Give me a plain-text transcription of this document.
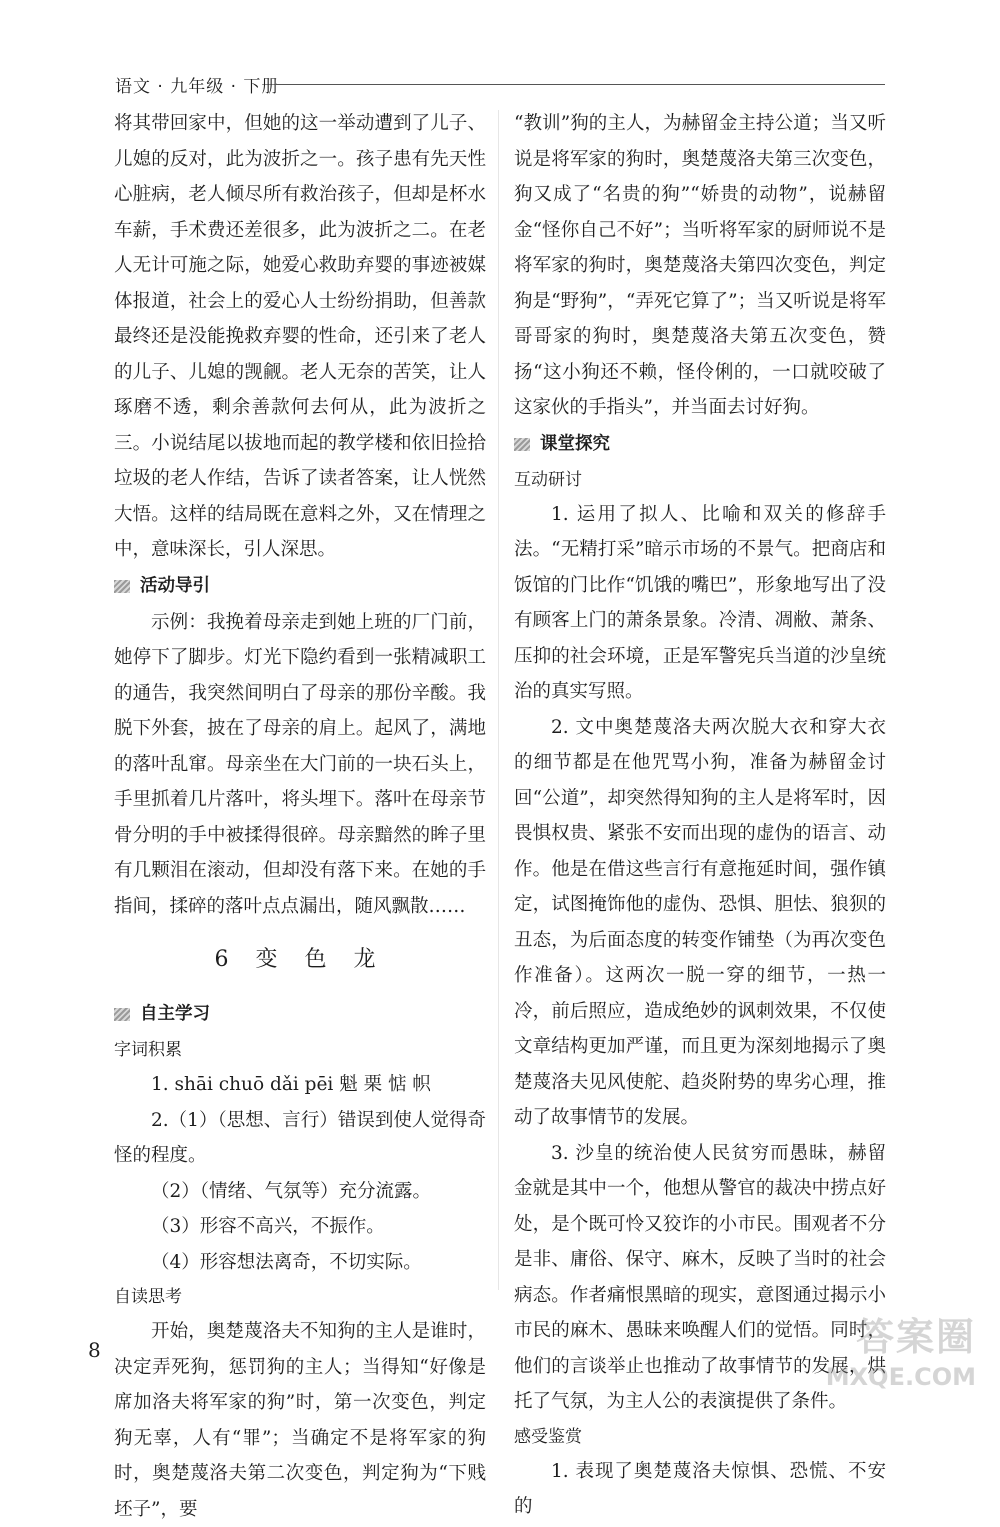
语文 · 九年级 · 下册

将其带回家中，但她的这一举动遭到了儿子、儿媳的反对，此为波折之一。孩子患有先天性心脏病，老人倾尽所有救治孩子，但却是杯水车薪，手术费还差很多，此为波折之二。在老人无计可施之际，她爱心救助弃婴的事迹被媒体报道，社会上的爱心人士纷纷捐助，但善款最终还是没能挽救弃婴的性命，还引来了老人的儿子、儿媳的觊觎。老人无奈的苦笑，让人琢磨不透，剩余善款何去何从，此为波折之三。小说结尾以拔地而起的教学楼和依旧捡拾垃圾的老人作结，告诉了读者答案，让人恍然大悟。这样的结局既在意料之外，又在情理之中，意味深长，引人深思。

活动导引

示例：我挽着母亲走到她上班的厂门前，她停下了脚步。灯光下隐约看到一张精减职工的通告，我突然间明白了母亲的那份辛酸。我脱下外套，披在了母亲的肩上。起风了，满地的落叶乱窜。母亲坐在大门前的一块石头上，手里抓着几片落叶，将头埋下。落叶在母亲节骨分明的手中被揉得很碎。母亲黯然的眸子里有几颗泪在滚动，但却没有落下来。在她的手指间，揉碎的落叶点点漏出，随风飘散……

6 变 色 龙
自主学习
字词积累

1. shāi chuō dǎi pēi 魁 栗 惦 帜

2.（1）（思想、言行）错误到使人觉得奇怪的程度。

（2）（情绪、气氛等）充分流露。

（3）形容不高兴，不振作。

（4）形容想法离奇，不切实际。

自读思考

开始，奥楚蔑洛夫不知狗的主人是谁时，决定弄死狗，惩罚狗的主人；当得知“好像是席加洛夫将军家的狗”时，第一次变色，判定狗无辜，人有“罪”；当确定不是将军家的狗时，奥楚蔑洛夫第二次变色，判定狗为“下贱坯子”，要

“教训”狗的主人，为赫留金主持公道；当又听说是将军家的狗时，奥楚蔑洛夫第三次变色，狗又成了“名贵的狗”“娇贵的动物”，说赫留金“怪你自己不好”；当听将军家的厨师说不是将军家的狗时，奥楚蔑洛夫第四次变色，判定狗是“野狗”，“弄死它算了”；当又听说是将军哥哥家的狗时，奥楚蔑洛夫第五次变色，赞扬“这小狗还不赖，怪伶俐的，一口就咬破了这家伙的手指头”，并当面去讨好狗。

课堂探究
互动研讨

1. 运用了拟人、比喻和双关的修辞手法。“无精打采”暗示市场的不景气。把商店和饭馆的门比作“饥饿的嘴巴”，形象地写出了没有顾客上门的萧条景象。冷清、凋敝、萧条、压抑的社会环境，正是军警宪兵当道的沙皇统治的真实写照。

2. 文中奥楚蔑洛夫两次脱大衣和穿大衣的细节都是在他咒骂小狗，准备为赫留金讨回“公道”，却突然得知狗的主人是将军时，因畏惧权贵、紧张不安而出现的虚伪的语言、动作。他是在借这些言行有意拖延时间，强作镇定，试图掩饰他的虚伪、恐惧、胆怯、狼狈的丑态，为后面态度的转变作铺垫（为再次变色作准备）。这两次一脱一穿的细节，一热一冷，前后照应，造成绝妙的讽刺效果，不仅使文章结构更加严谨，而且更为深刻地揭示了奥楚蔑洛夫见风使舵、趋炎附势的卑劣心理，推动了故事情节的发展。

3. 沙皇的统治使人民贫穷而愚昧，赫留金就是其中一个，他想从警官的裁决中捞点好处，是个既可怜又狡诈的小市民。围观者不分是非、庸俗、保守、麻木，反映了当时的社会病态。作者痛恨黑暗的现实，意图通过揭示小市民的麻木、愚昧来唤醒人们的觉悟。同时，他们的言谈举止也推动了故事情节的发展，烘托了气氛，为主人公的表演提供了条件。

感受鉴赏

1. 表现了奥楚蔑洛夫惊惧、恐慌、不安的

8	答案圈
MXQE.COM
